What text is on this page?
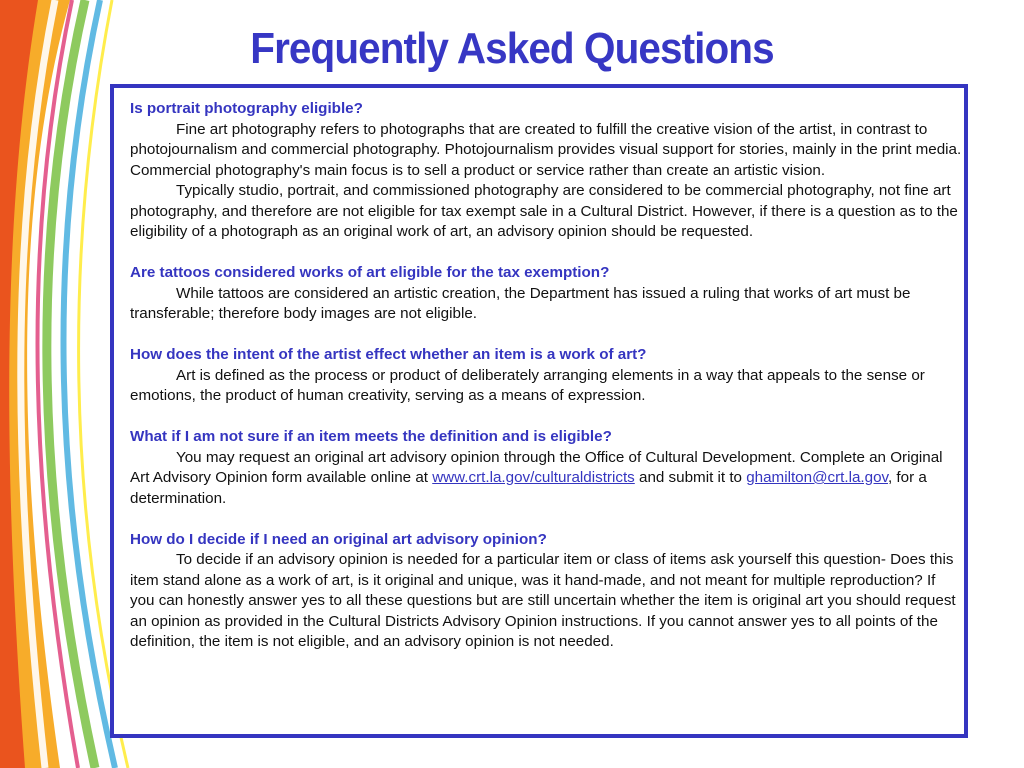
Frequently Asked Questions
Is portrait photography eligible?
Fine art photography refers to photographs that are created to fulfill the creative vision of the artist, in contrast to photojournalism and commercial photography. Photojournalism provides visual support for stories, mainly in the print media. Commercial photography's main focus is to sell a product or service rather than create an artistic vision.
Typically studio, portrait, and commissioned photography are considered to be commercial photography, not fine art photography, and therefore are not eligible for tax exempt sale in a Cultural District. However, if there is a question as to the eligibility of a photograph as an original work of art, an advisory opinion should be requested.
Are tattoos considered works of art eligible for the tax exemption?
While tattoos are considered an artistic creation, the Department has issued a ruling that works of art must be transferable; therefore body images are not eligible.
How does the intent of the artist effect whether an item is a work of art?
Art is defined as the process or product of deliberately arranging elements in a way that appeals to the sense or emotions, the product of human creativity, serving as a means of expression.
What if I am not sure if an item meets the definition and is eligible?
You may request an original art advisory opinion through the Office of Cultural Development. Complete an Original Art Advisory Opinion form available online at www.crt.la.gov/culturaldistricts and submit it to ghamilton@crt.la.gov, for a determination.
How do I decide if I need an original art advisory opinion?
To decide if an advisory opinion is needed for a particular item or class of items ask yourself this question- Does this item stand alone as a work of art, is it original and unique, was it hand-made, and not meant for multiple reproduction? If you can honestly answer yes to all these questions but are still uncertain whether the item is original art you should request an opinion as provided in the Cultural Districts Advisory Opinion instructions. If you cannot answer yes to all points of the definition, the item is not eligible, and an advisory opinion is not needed.
